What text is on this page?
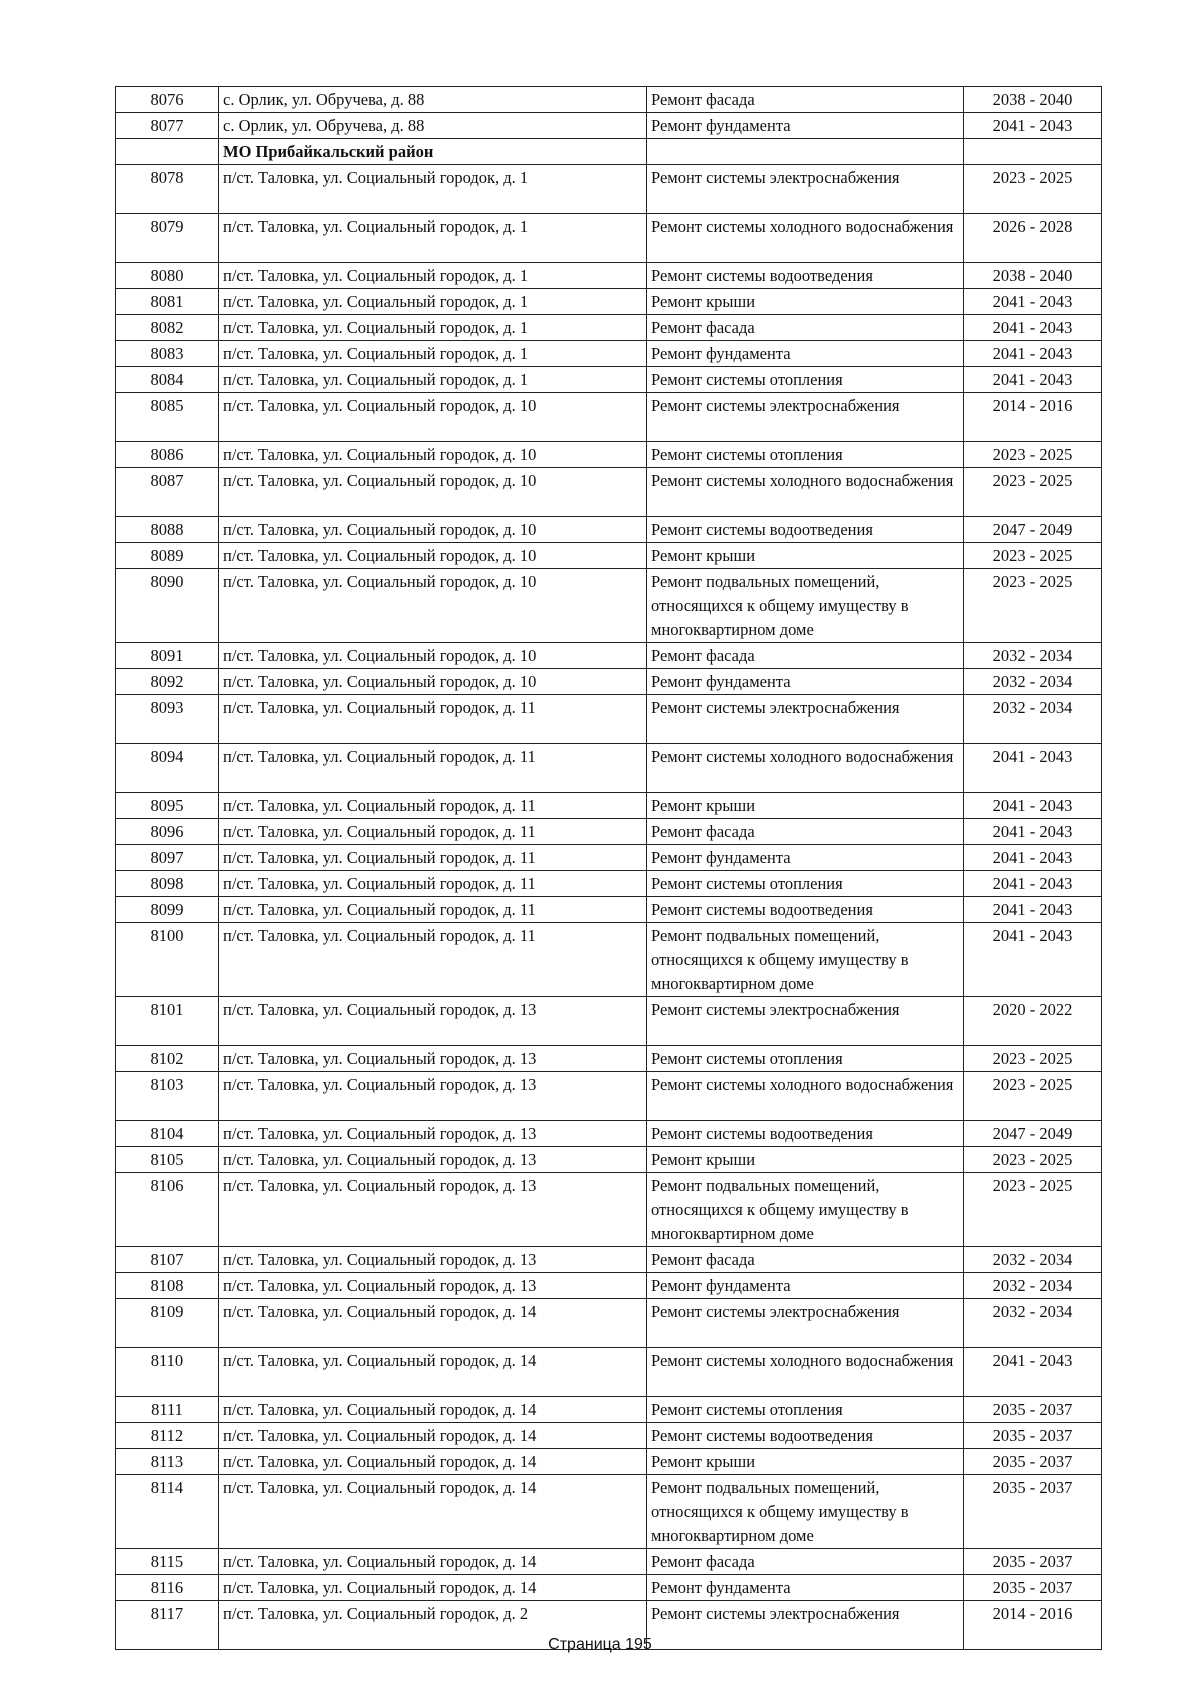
8076	с. Орлик, ул. Обручева, д. 88	Ремонт фасада	2038 - 2040
8077	с. Орлик, ул. Обручева, д. 88	Ремонт фундамента	2041 - 2043
	МО Прибайкальский район		
8078	п/ст. Таловка, ул. Социальный городок, д. 1	Ремонт системы электроснабжения	2023 - 2025
8079	п/ст. Таловка, ул. Социальный городок, д. 1	Ремонт системы холодного водоснабжения	2026 - 2028
8080	п/ст. Таловка, ул. Социальный городок, д. 1	Ремонт системы водоотведения	2038 - 2040
8081	п/ст. Таловка, ул. Социальный городок, д. 1	Ремонт крыши	2041 - 2043
8082	п/ст. Таловка, ул. Социальный городок, д. 1	Ремонт фасада	2041 - 2043
8083	п/ст. Таловка, ул. Социальный городок, д. 1	Ремонт фундамента	2041 - 2043
8084	п/ст. Таловка, ул. Социальный городок, д. 1	Ремонт системы отопления	2041 - 2043
8085	п/ст. Таловка, ул. Социальный городок, д. 10	Ремонт системы электроснабжения	2014 - 2016
8086	п/ст. Таловка, ул. Социальный городок, д. 10	Ремонт системы отопления	2023 - 2025
8087	п/ст. Таловка, ул. Социальный городок, д. 10	Ремонт системы холодного водоснабжения	2023 - 2025
8088	п/ст. Таловка, ул. Социальный городок, д. 10	Ремонт системы водоотведения	2047 - 2049
8089	п/ст. Таловка, ул. Социальный городок, д. 10	Ремонт крыши	2023 - 2025
8090	п/ст. Таловка, ул. Социальный городок, д. 10	Ремонт подвальных помещений, относящихся к общему имуществу в многоквартирном доме	2023 - 2025
8091	п/ст. Таловка, ул. Социальный городок, д. 10	Ремонт фасада	2032 - 2034
8092	п/ст. Таловка, ул. Социальный городок, д. 10	Ремонт фундамента	2032 - 2034
8093	п/ст. Таловка, ул. Социальный городок, д. 11	Ремонт системы электроснабжения	2032 - 2034
8094	п/ст. Таловка, ул. Социальный городок, д. 11	Ремонт системы холодного водоснабжения	2041 - 2043
8095	п/ст. Таловка, ул. Социальный городок, д. 11	Ремонт крыши	2041 - 2043
8096	п/ст. Таловка, ул. Социальный городок, д. 11	Ремонт фасада	2041 - 2043
8097	п/ст. Таловка, ул. Социальный городок, д. 11	Ремонт фундамента	2041 - 2043
8098	п/ст. Таловка, ул. Социальный городок, д. 11	Ремонт системы отопления	2041 - 2043
8099	п/ст. Таловка, ул. Социальный городок, д. 11	Ремонт системы водоотведения	2041 - 2043
8100	п/ст. Таловка, ул. Социальный городок, д. 11	Ремонт подвальных помещений, относящихся к общему имуществу в многоквартирном доме	2041 - 2043
8101	п/ст. Таловка, ул. Социальный городок, д. 13	Ремонт системы электроснабжения	2020 - 2022
8102	п/ст. Таловка, ул. Социальный городок, д. 13	Ремонт системы отопления	2023 - 2025
8103	п/ст. Таловка, ул. Социальный городок, д. 13	Ремонт системы холодного водоснабжения	2023 - 2025
8104	п/ст. Таловка, ул. Социальный городок, д. 13	Ремонт системы водоотведения	2047 - 2049
8105	п/ст. Таловка, ул. Социальный городок, д. 13	Ремонт крыши	2023 - 2025
8106	п/ст. Таловка, ул. Социальный городок, д. 13	Ремонт подвальных помещений, относящихся к общему имуществу в многоквартирном доме	2023 - 2025
8107	п/ст. Таловка, ул. Социальный городок, д. 13	Ремонт фасада	2032 - 2034
8108	п/ст. Таловка, ул. Социальный городок, д. 13	Ремонт фундамента	2032 - 2034
8109	п/ст. Таловка, ул. Социальный городок, д. 14	Ремонт системы электроснабжения	2032 - 2034
8110	п/ст. Таловка, ул. Социальный городок, д. 14	Ремонт системы холодного водоснабжения	2041 - 2043
8111	п/ст. Таловка, ул. Социальный городок, д. 14	Ремонт системы отопления	2035 - 2037
8112	п/ст. Таловка, ул. Социальный городок, д. 14	Ремонт системы водоотведения	2035 - 2037
8113	п/ст. Таловка, ул. Социальный городок, д. 14	Ремонт крыши	2035 - 2037
8114	п/ст. Таловка, ул. Социальный городок, д. 14	Ремонт подвальных помещений, относящихся к общему имуществу в многоквартирном доме	2035 - 2037
8115	п/ст. Таловка, ул. Социальный городок, д. 14	Ремонт фасада	2035 - 2037
8116	п/ст. Таловка, ул. Социальный городок, д. 14	Ремонт фундамента	2035 - 2037
8117	п/ст. Таловка, ул. Социальный городок, д. 2	Ремонт системы электроснабжения	2014 - 2016
Страница 195
